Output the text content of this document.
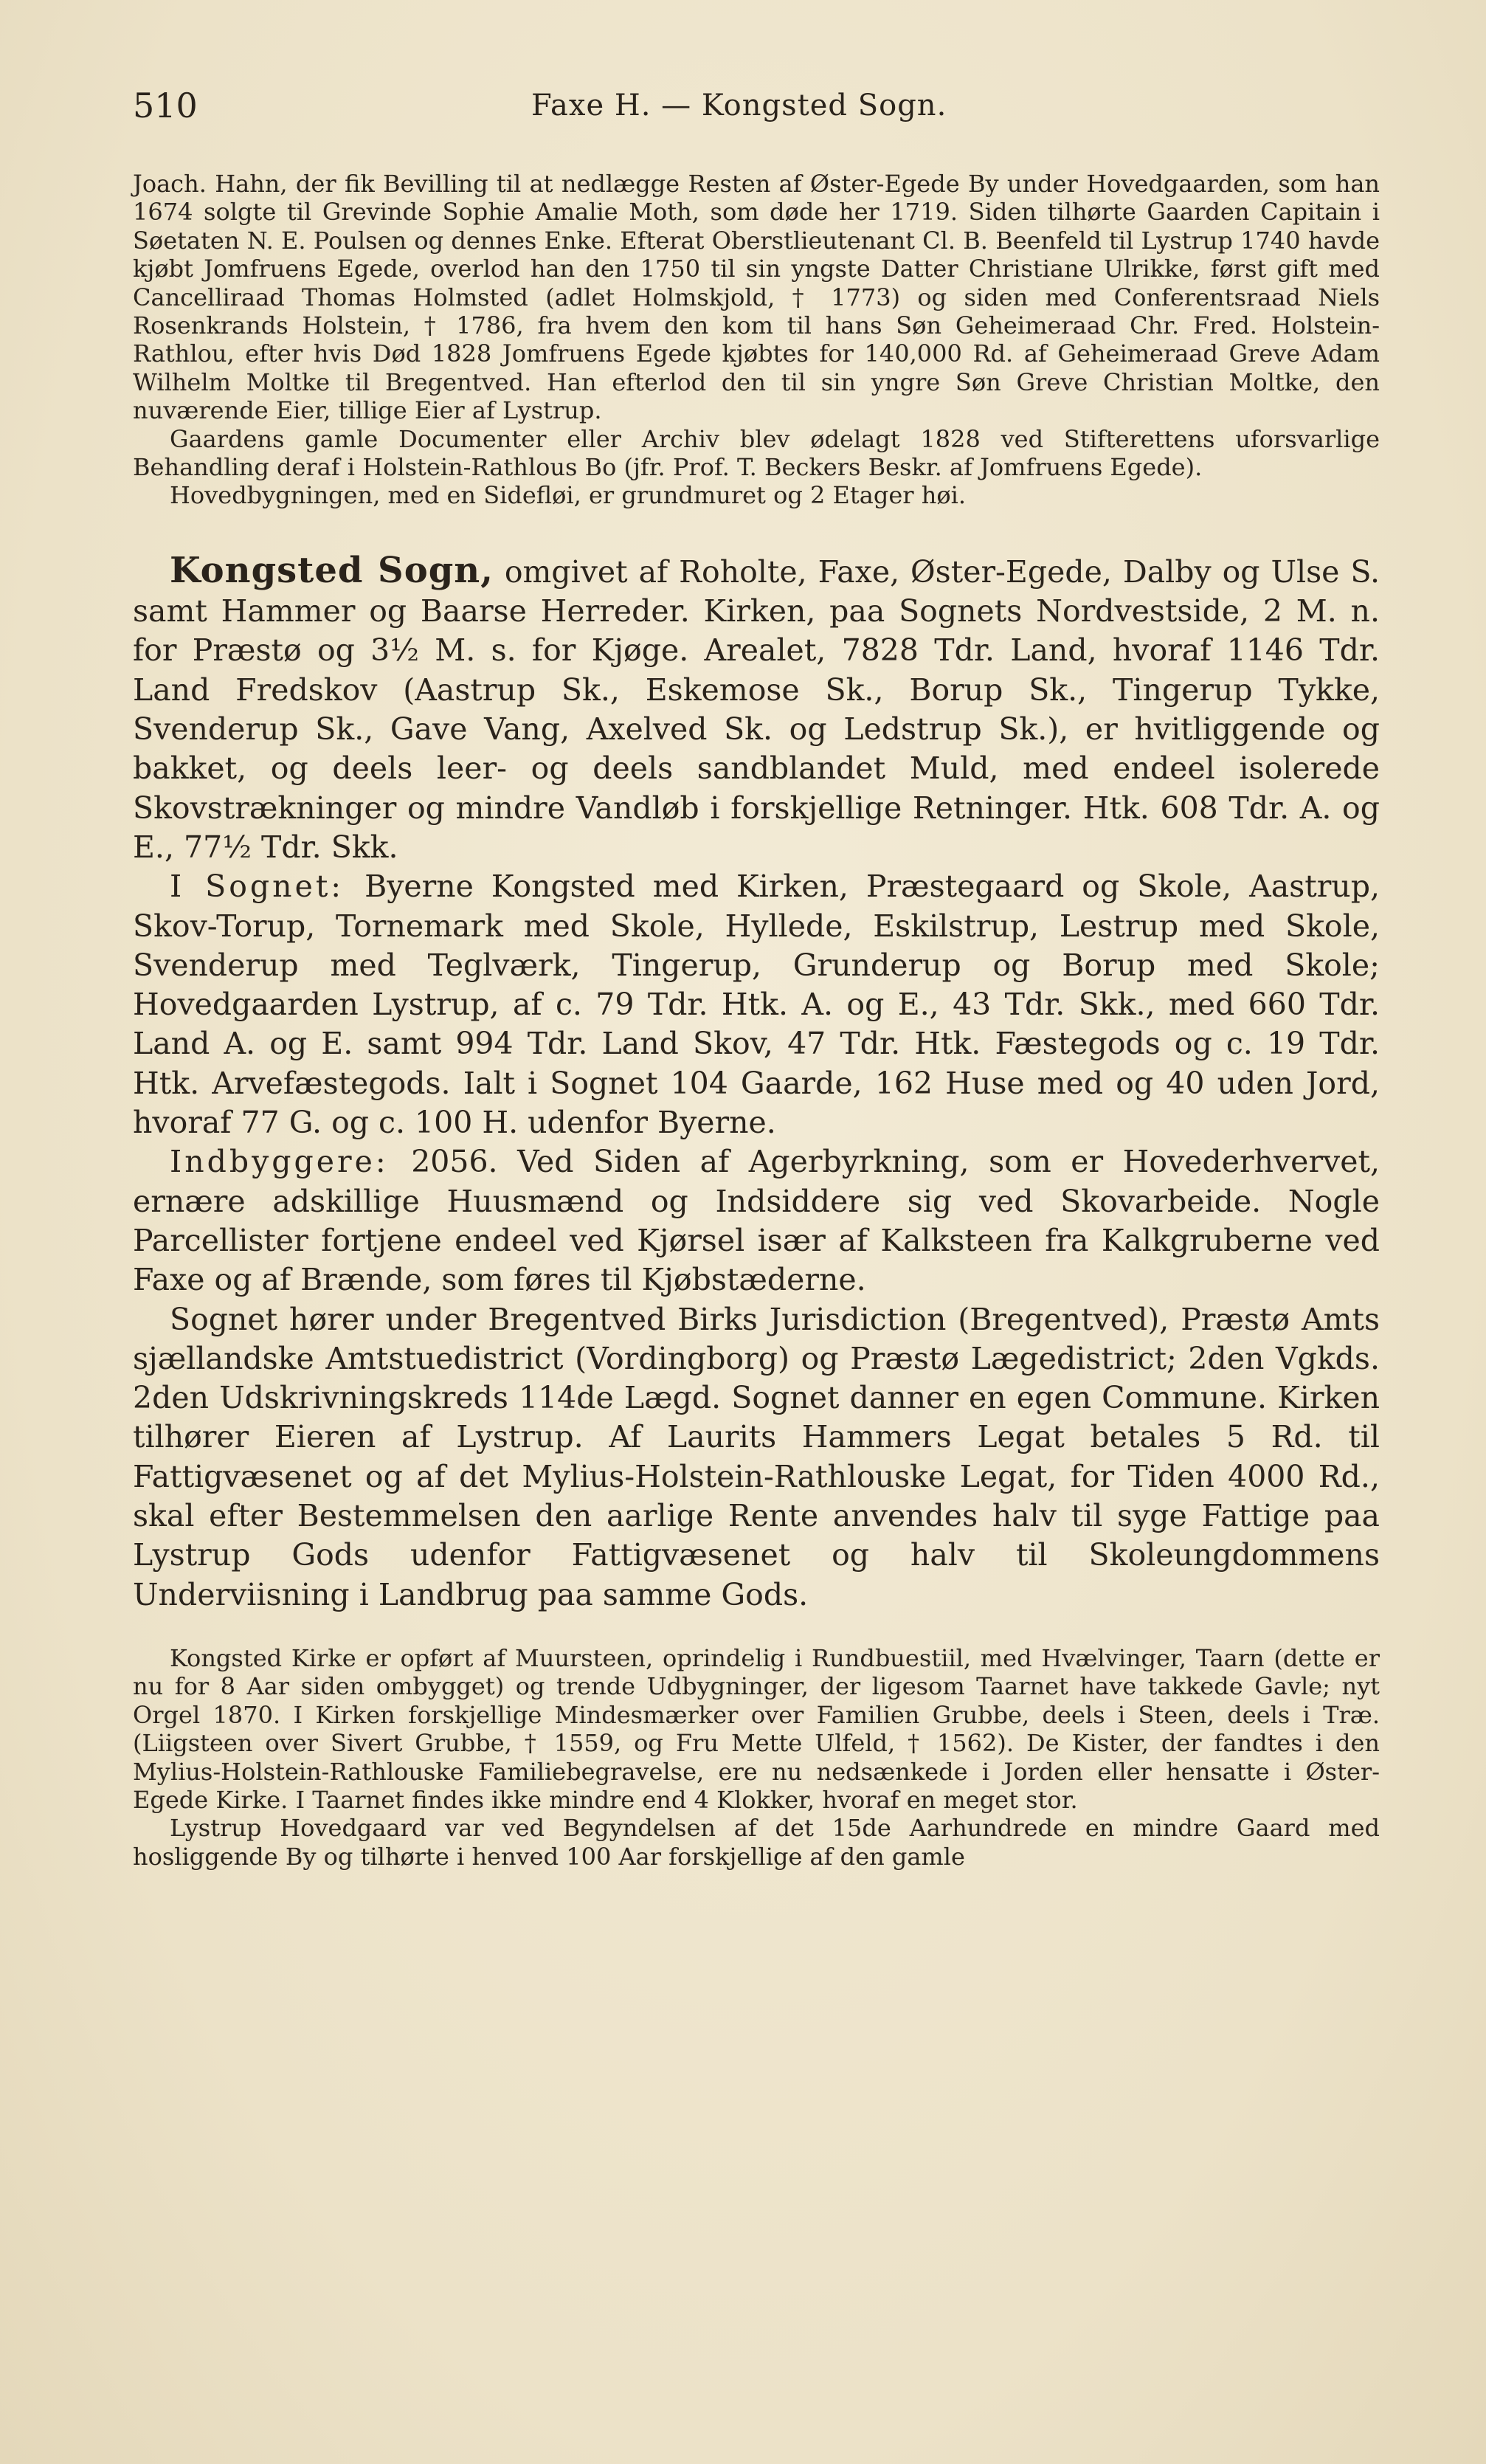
510	Faxe H. — Kongsted Sogn.

Joach. Hahn, der fik Bevilling til at nedlægge Resten af Øster-Egede By under Hovedgaarden, som han 1674 solgte til Grevinde Sophie Amalie Moth, som døde her 1719. Siden tilhørte Gaarden Capitain i Søetaten N. E. Poulsen og dennes Enke. Efterat Oberstlieutenant Cl. B. Beenfeld til Lystrup 1740 havde kjøbt Jomfruens Egede, overlod han den 1750 til sin yngste Datter Christiane Ulrikke, først gift med Cancelliraad Thomas Holmsted (adlet Holmskjold, † 1773) og siden med Conferentsraad Niels Rosenkrands Holstein, † 1786, fra hvem den kom til hans Søn Geheimeraad Chr. Fred. Holstein-Rathlou, efter hvis Død 1828 Jomfruens Egede kjøbtes for 140,000 Rd. af Geheimeraad Greve Adam Wilhelm Moltke til Bregentved. Han efterlod den til sin yngre Søn Greve Christian Moltke, den nuværende Eier, tillige Eier af Lystrup.

Gaardens gamle Documenter eller Archiv blev ødelagt 1828 ved Stifterettens uforsvarlige Behandling deraf i Holstein-Rathlous Bo (jfr. Prof. T. Beckers Beskr. af Jomfruens Egede).

Hovedbygningen, med en Sidefløi, er grundmuret og 2 Etager høi.

Kongsted Sogn, omgivet af Roholte, Faxe, Øster-Egede, Dalby og Ulse S. samt Hammer og Baarse Herreder. Kirken, paa Sognets Nordvestside, 2 M. n. for Præstø og 3½ M. s. for Kjøge. Arealet, 7828 Tdr. Land, hvoraf 1146 Tdr. Land Fredskov (Aastrup Sk., Eskemose Sk., Borup Sk., Tingerup Tykke, Svenderup Sk., Gave Vang, Axelved Sk. og Ledstrup Sk.), er hvitliggende og bakket, og deels leer- og deels sandblandet Muld, med endeel isolerede Skovstrækninger og mindre Vandløb i forskjellige Retninger. Htk. 608 Tdr. A. og E., 77½ Tdr. Skk.

I Sognet: Byerne Kongsted med Kirken, Præstegaard og Skole, Aastrup, Skov-Torup, Tornemark med Skole, Hyllede, Eskilstrup, Lestrup med Skole, Svenderup med Teglværk, Tingerup, Grunderup og Borup med Skole; Hovedgaarden Lystrup, af c. 79 Tdr. Htk. A. og E., 43 Tdr. Skk., med 660 Tdr. Land A. og E. samt 994 Tdr. Land Skov, 47 Tdr. Htk. Fæstegods og c. 19 Tdr. Htk. Arvefæstegods. Ialt i Sognet 104 Gaarde, 162 Huse med og 40 uden Jord, hvoraf 77 G. og c. 100 H. udenfor Byerne.

Indbyggere: 2056. Ved Siden af Agerbyrkning, som er Hovederhvervet, ernære adskillige Huusmænd og Indsiddere sig ved Skovarbeide. Nogle Parcellister fortjene endeel ved Kjørsel især af Kalksteen fra Kalkgruberne ved Faxe og af Brænde, som føres til Kjøbstæderne.

Sognet hører under Bregentved Birks Jurisdiction (Bregentved), Præstø Amts sjællandske Amtstuedistrict (Vordingborg) og Præstø Lægedistrict; 2den Vgkds. 2den Udskrivningskreds 114de Lægd. Sognet danner en egen Commune. Kirken tilhører Eieren af Lystrup. Af Laurits Hammers Legat betales 5 Rd. til Fattigvæsenet og af det Mylius-Holstein-Rathlouske Legat, for Tiden 4000 Rd., skal efter Bestemmelsen den aarlige Rente anvendes halv til syge Fattige paa Lystrup Gods udenfor Fattigvæsenet og halv til Skoleungdommens Underviisning i Landbrug paa samme Gods.

Kongsted Kirke er opført af Muursteen, oprindelig i Rundbuestiil, med Hvælvinger, Taarn (dette er nu for 8 Aar siden ombygget) og trende Udbygninger, der ligesom Taarnet have takkede Gavle; nyt Orgel 1870. I Kirken forskjellige Mindesmærker over Familien Grubbe, deels i Steen, deels i Træ. (Liigsteen over Sivert Grubbe, † 1559, og Fru Mette Ulfeld, † 1562). De Kister, der fandtes i den Mylius-Holstein-Rathlouske Familiebegravelse, ere nu nedsænkede i Jorden eller hensatte i Øster-Egede Kirke. I Taarnet findes ikke mindre end 4 Klokker, hvoraf en meget stor.

Lystrup Hovedgaard var ved Begyndelsen af det 15de Aarhundrede en mindre Gaard med hosliggende By og tilhørte i henved 100 Aar forskjellige af den gamle
